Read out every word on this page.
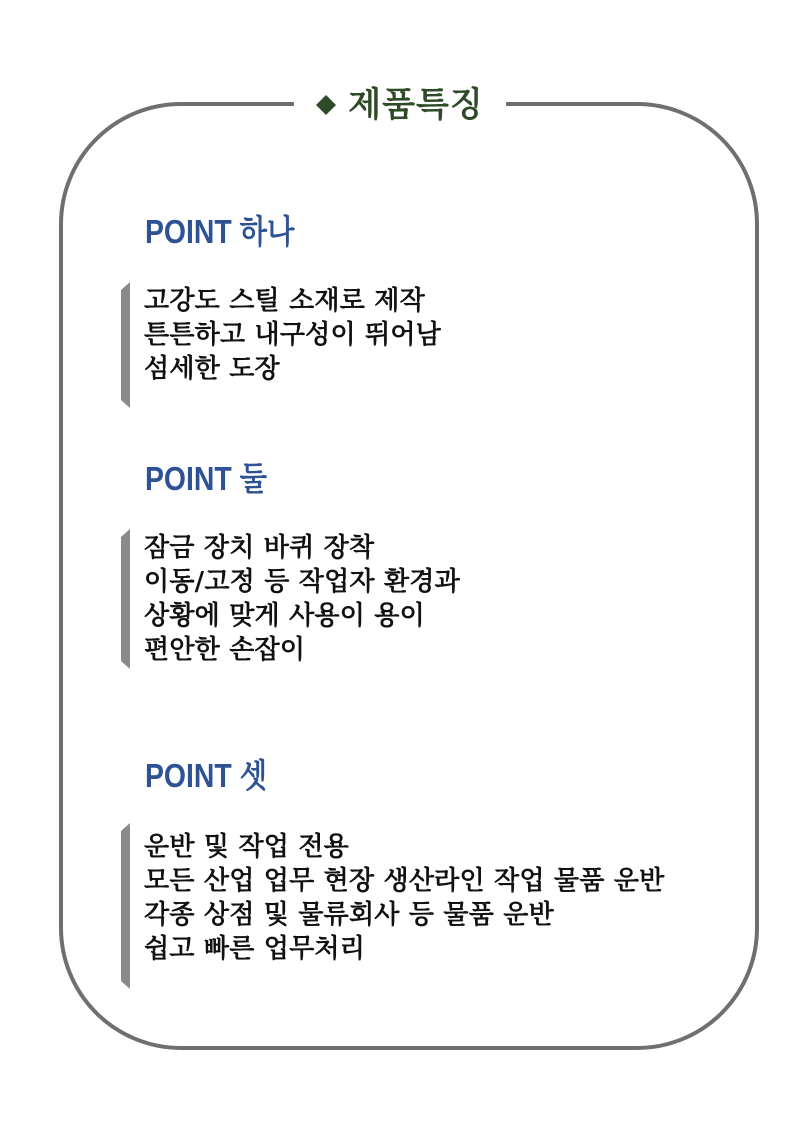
제품특징
POINT 하나
고강도 스틸 소재로 제작
튼튼하고 내구성이 뛰어남
섬세한 도장
POINT 둘
잠금 장치 바퀴 장착
이동/고정 등 작업자 환경과
상황에 맞게 사용이 용이
편안한 손잡이
POINT 셋
운반 및 작업 전용
모든 산업 업무 현장 생산라인 작업 물품 운반
각종 상점 및 물류회사 등 물품 운반
쉽고 빠른 업무처리
